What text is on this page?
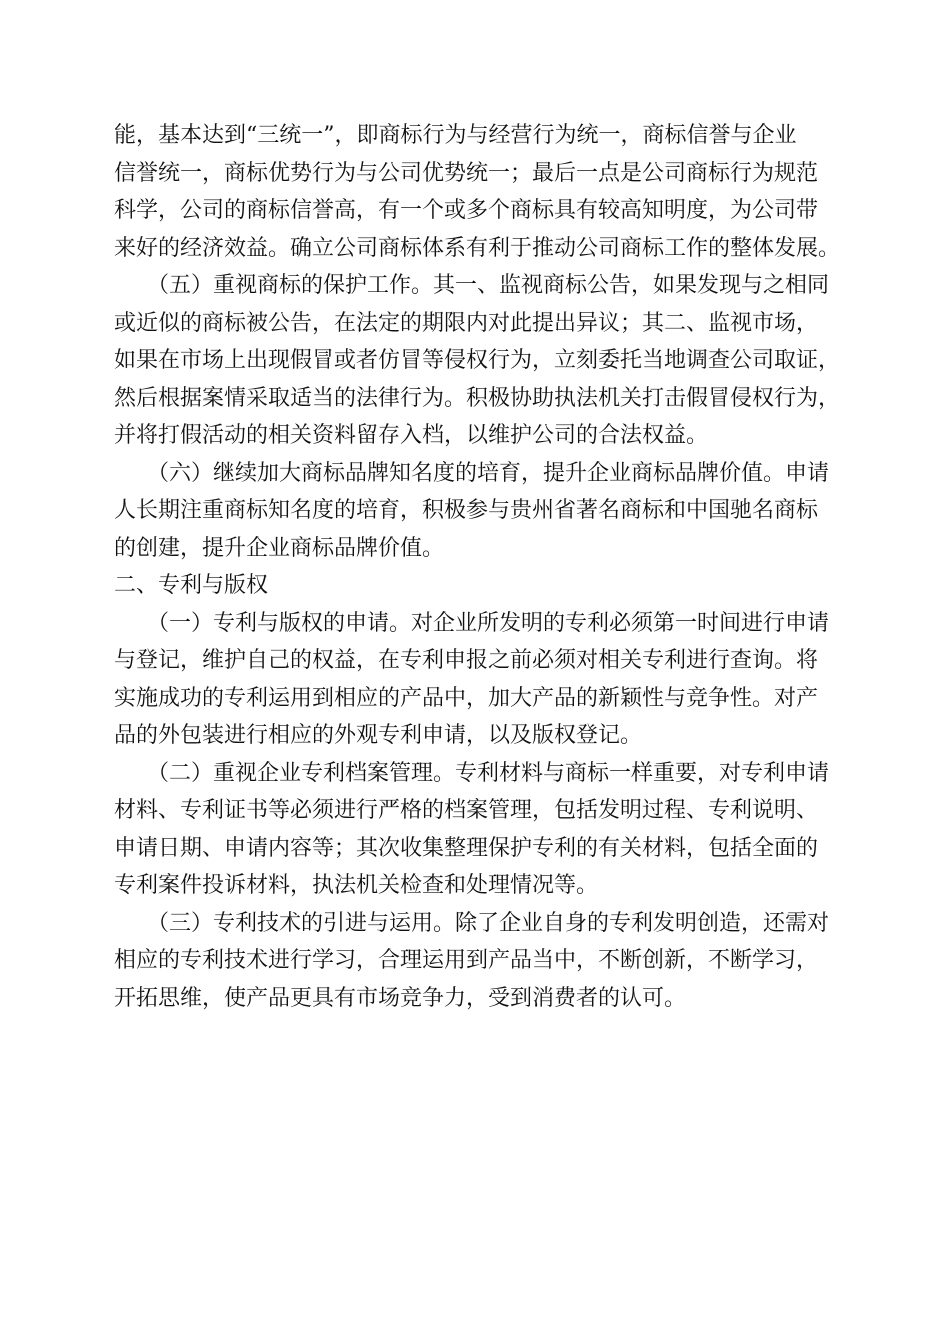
能，基本达到“三统一”，即商标行为与经营行为统一，商标信誉与企业
信誉统一，商标优势行为与公司优势统一；最后一点是公司商标行为规范
科学，公司的商标信誉高，有一个或多个商标具有较高知明度，为公司带
来好的经济效益。确立公司商标体系有利于推动公司商标工作的整体发展。
（五）重视商标的保护工作。其一、监视商标公告，如果发现与之相同
或近似的商标被公告，在法定的期限内对此提出异议；其二、监视市场，
如果在市场上出现假冒或者仿冒等侵权行为，立刻委托当地调查公司取证，
然后根据案情采取适当的法律行为。积极协助执法机关打击假冒侵权行为，
并将打假活动的相关资料留存入档，以维护公司的合法权益。
（六）继续加大商标品牌知名度的培育，提升企业商标品牌价值。申请
人长期注重商标知名度的培育，积极参与贵州省著名商标和中国驰名商标
的创建，提升企业商标品牌价值。
二、专利与版权
（一）专利与版权的申请。对企业所发明的专利必须第一时间进行申请
与登记，维护自己的权益，在专利申报之前必须对相关专利进行查询。将
实施成功的专利运用到相应的产品中，加大产品的新颖性与竞争性。对产
品的外包装进行相应的外观专利申请，以及版权登记。
（二）重视企业专利档案管理。专利材料与商标一样重要，对专利申请
材料、专利证书等必须进行严格的档案管理，包括发明过程、专利说明、
申请日期、申请内容等；其次收集整理保护专利的有关材料，包括全面的
专利案件投诉材料，执法机关检查和处理情况等。
（三）专利技术的引进与运用。除了企业自身的专利发明创造，还需对
相应的专利技术进行学习，合理运用到产品当中，不断创新，不断学习，
开拓思维，使产品更具有市场竞争力，受到消费者的认可。
